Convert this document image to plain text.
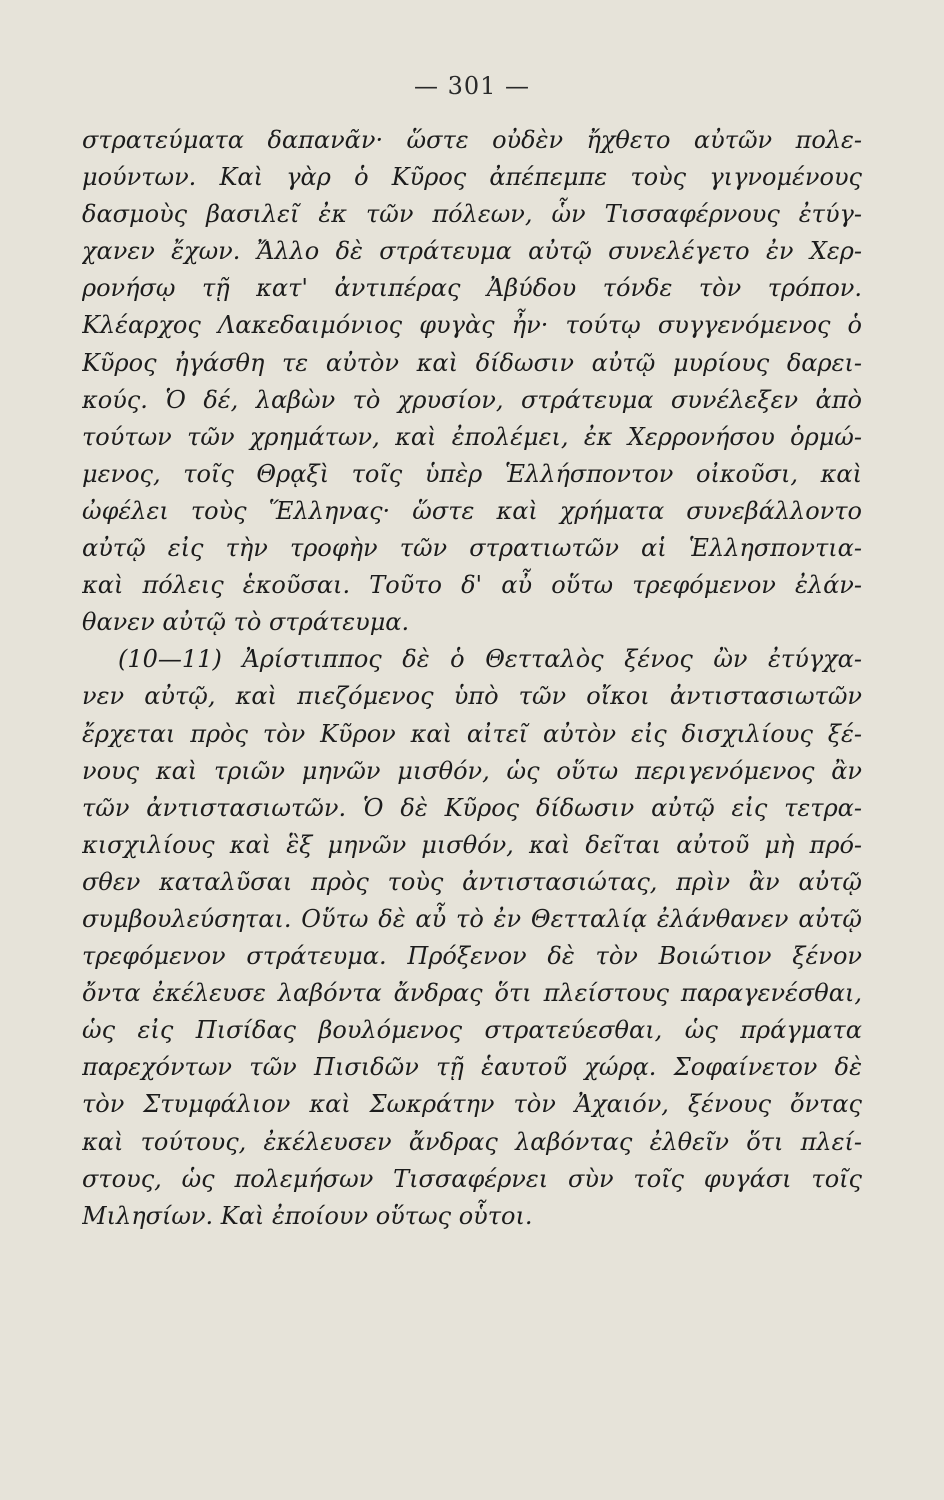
— 301 —
στρατεύματα δαπανᾶν· ὥστε οὐδὲν ἤχθετο αὐτῶν πολε-
μούντων. Καὶ γὰρ ὁ Κῦρος ἀπέπεμπε τοὺς γιγνομένους
δασμοὺς βασιλεῖ ἐκ τῶν πόλεων, ὧν Τισσαφέρνους ἐτύγ-
χανεν ἔχων. Ἄλλο δὲ στράτευμα αὐτῷ συνελέγετο ἐν Χερ-
ρονήσῳ τῇ κατ' ἀντιπέρας Ἀβύδου τόνδε τὸν τρόπον.
Κλέαρχος Λακεδαιμόνιος φυγὰς ἦν· τούτῳ συγγενόμενος ὁ
Κῦρος ἠγάσθη τε αὐτὸν καὶ δίδωσιν αὐτῷ μυρίους δαρει-
κούς. Ὁ δέ, λαβὼν τὸ χρυσίον, στράτευμα συνέλεξεν ἀπὸ
τούτων τῶν χρημάτων, καὶ ἐπολέμει, ἐκ Χερρονήσου ὁρμώ-
μενος, τοῖς Θρᾳξὶ τοῖς ὑπὲρ Ἑλλήσποντον οἰκοῦσι, καὶ
ὠφέλει τοὺς Ἕλληνας· ὥστε καὶ χρήματα συνεβάλλοντο
αὐτῷ εἰς τὴν τροφὴν τῶν στρατιωτῶν αἱ Ἑλλησποντια-
καὶ πόλεις ἑκοῦσαι. Τοῦτο δ' αὖ οὕτω τρεφόμενον ἐλάν-
θανεν αὐτῷ τὸ στράτευμα.
(10—11) Ἀρίστιππος δὲ ὁ Θετταλὸς ξένος ὢν ἐτύγχα-
νεν αὐτῷ, καὶ πιεζόμενος ὑπὸ τῶν οἴκοι ἀντιστασιωτῶν
ἔρχεται πρὸς τὸν Κῦρον καὶ αἰτεῖ αὐτὸν εἰς δισχιλίους ξέ-
νους καὶ τριῶν μηνῶν μισθόν, ὡς οὕτω περιγενόμενος ἂν
τῶν ἀντιστασιωτῶν. Ὁ δὲ Κῦρος δίδωσιν αὐτῷ εἰς τετρα-
κισχιλίους καὶ ἓξ μηνῶν μισθόν, καὶ δεῖται αὐτοῦ μὴ πρό-
σθεν καταλῦσαι πρὸς τοὺς ἀντιστασιώτας, πρὶν ἂν αὐτῷ
συμβουλεύσηται. Οὕτω δὲ αὖ τὸ ἐν Θετταλίᾳ ἐλάνθανεν αὐτῷ
τρεφόμενον στράτευμα. Πρόξενον δὲ τὸν Βοιώτιον ξένον
ὄντα ἐκέλευσε λαβόντα ἄνδρας ὅτι πλείστους παραγενέσθαι,
ὡς εἰς Πισίδας βουλόμενος στρατεύεσθαι, ὡς πράγματα
παρεχόντων τῶν Πισιδῶν τῇ ἑαυτοῦ χώρᾳ. Σοφαίνετον δὲ
τὸν Στυμφάλιον καὶ Σωκράτην τὸν Ἀχαιόν, ξένους ὄντας
καὶ τούτους, ἐκέλευσεν ἄνδρας λαβόντας ἐλθεῖν ὅτι πλεί-
στους, ὡς πολεμήσων Τισσαφέρνει σὺν τοῖς φυγάσι τοῖς
Μιλησίων. Καὶ ἐποίουν οὕτως οὗτοι.
